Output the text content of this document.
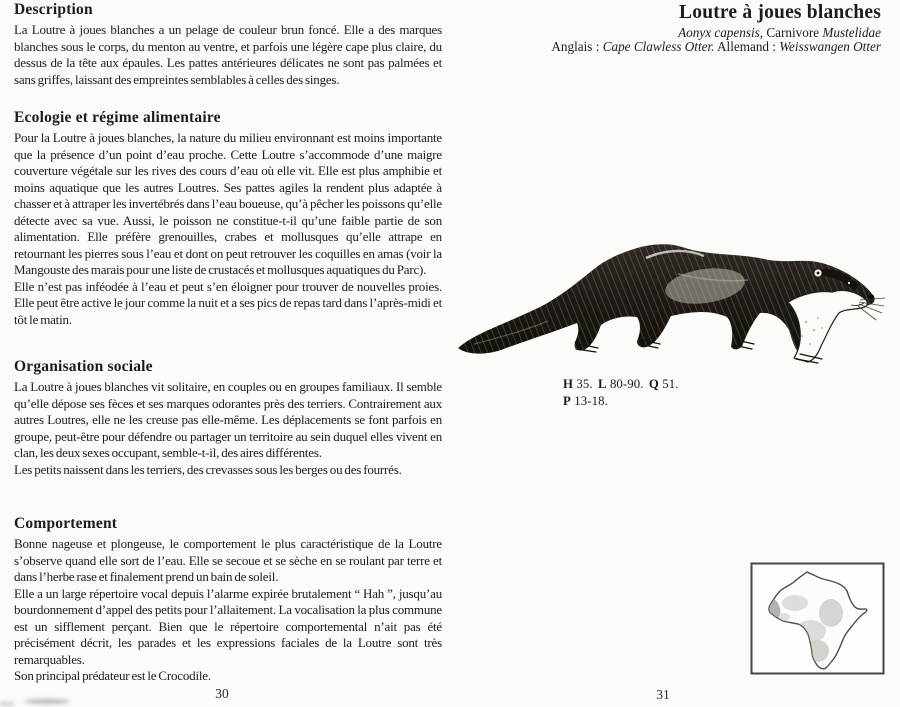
Description

La Loutre à joues blanches a un pelage de couleur brun foncé. Elle a des marques blanches sous le corps, du menton au ventre, et parfois une légère cape plus claire, du dessus de la tête aux épaules. Les pattes antérieures délicates ne sont pas palmées et sans griffes, laissant des empreintes semblables à celles des singes.

Ecologie et régime alimentaire

Pour la Loutre à joues blanches, la nature du milieu environnant est moins importante que la présence d’un point d’eau proche. Cette Loutre s’accommode d’une maigre couverture végétale sur les rives des cours d’eau où elle vit. Elle est plus amphibie et moins aquatique que les autres Loutres. Ses pattes agiles la rendent plus adaptée à chasser et à attraper les invertébrés dans l’eau boueuse, qu’à pêcher les poissons qu’elle détecte avec sa vue. Aussi, le poisson ne constitue-t-il qu’une faible partie de son alimentation. Elle préfère grenouilles, crabes et mollusques qu’elle attrape en retournant les pierres sous l’eau et dont on peut retrouver les coquilles en amas (voir la Mangouste des marais pour une liste de crustacés et mollusques aquatiques du Parc).

Elle n’est pas inféodée à l’eau et peut s’en éloigner pour trouver de nouvelles proies. Elle peut être active le jour comme la nuit et a ses pics de repas tard dans l’après-midi et tôt le matin.

Organisation sociale

La Loutre à joues blanches vit solitaire, en couples ou en groupes familiaux. Il semble qu’elle dépose ses fèces et ses marques odorantes près des terriers. Contrairement aux autres Loutres, elle ne les creuse pas elle-même. Les déplacements se font parfois en groupe, peut-être pour défendre ou partager un territoire au sein duquel elles vivent en clan, les deux sexes occupant, semble-t-il, des aires différentes.

Les petits naissent dans les terriers, des crevasses sous les berges ou des fourrés.

Comportement

Bonne nageuse et plongeuse, le comportement le plus caractéristique de la Loutre s’observe quand elle sort de l’eau. Elle se secoue et se sèche en se roulant par terre et dans l’herbe rase et finalement prend un bain de soleil.

Elle a un large répertoire vocal depuis l’alarme expirée brutalement “ Hah ”, jusqu’au bourdonnement d’appel des petits pour l’allaitement. La vocalisation la plus commune est un sifflement perçant. Bien que le répertoire comportemental n’ait pas été précisément décrit, les parades et les expressions faciales de la Loutre sont très remarquables.

Son principal prédateur est le Crocodile.

Loutre à joues blanches
Aonyx capensis, Carnivore Mustelidae
Anglais : Cape Clawless Otter. Allemand : Weisswangen Otter
H 35. L 80-90. Q 51.
P 13-18.
30	31
